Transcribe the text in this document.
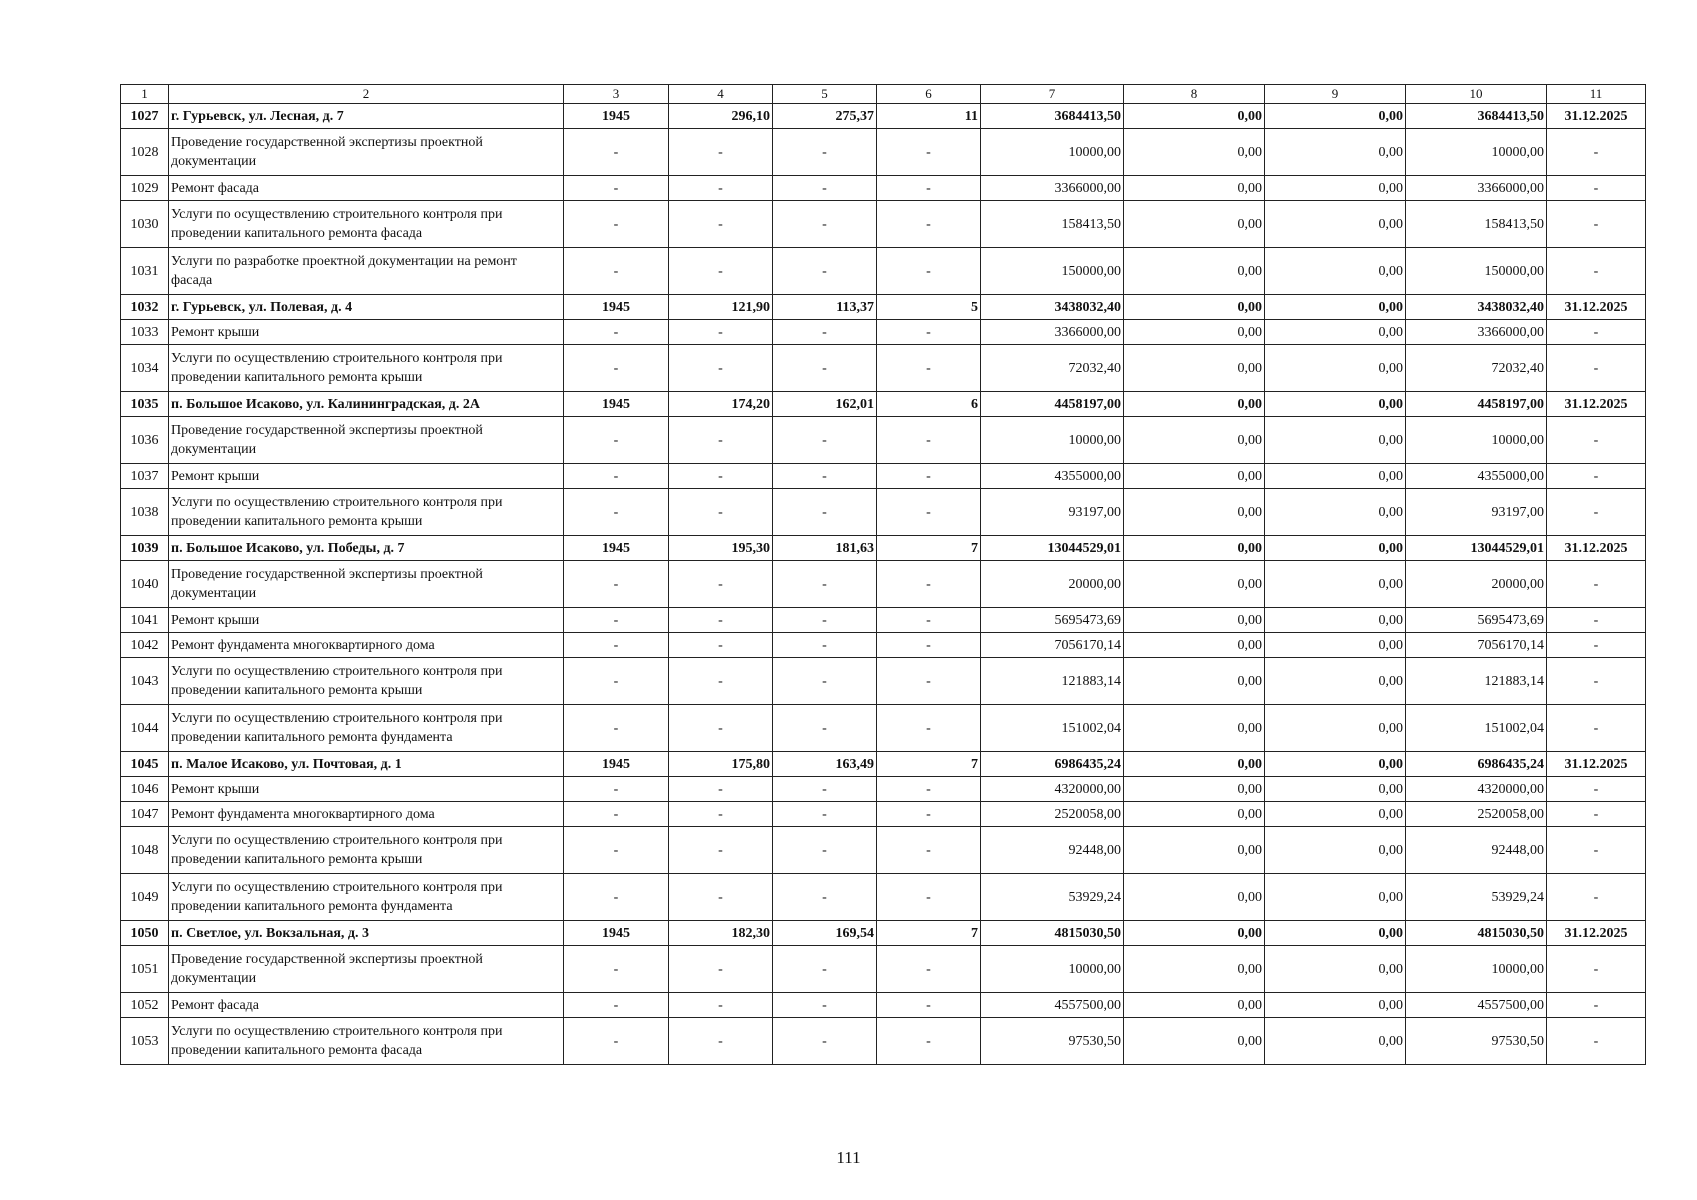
1	2	3	4	5	6	7	8	9	10	11
1027	г. Гурьевск, ул. Лесная, д. 7	1945	296,10	275,37	11	3684413,50	0,00	0,00	3684413,50	31.12.2025
1028	Проведение государственной экспертизы проектной документации	-	-	-	-	10000,00	0,00	0,00	10000,00	-
1029	Ремонт фасада	-	-	-	-	3366000,00	0,00	0,00	3366000,00	-
1030	Услуги по осуществлению строительного контроля при проведении капитального ремонта фасада	-	-	-	-	158413,50	0,00	0,00	158413,50	-
1031	Услуги по разработке проектной документации на ремонт фасада	-	-	-	-	150000,00	0,00	0,00	150000,00	-
1032	г. Гурьевск, ул. Полевая, д. 4	1945	121,90	113,37	5	3438032,40	0,00	0,00	3438032,40	31.12.2025
1033	Ремонт крыши	-	-	-	-	3366000,00	0,00	0,00	3366000,00	-
1034	Услуги по осуществлению строительного контроля при проведении капитального ремонта крыши	-	-	-	-	72032,40	0,00	0,00	72032,40	-
1035	п. Большое Исаково, ул. Калининградская, д. 2А	1945	174,20	162,01	6	4458197,00	0,00	0,00	4458197,00	31.12.2025
1036	Проведение государственной экспертизы проектной документации	-	-	-	-	10000,00	0,00	0,00	10000,00	-
1037	Ремонт крыши	-	-	-	-	4355000,00	0,00	0,00	4355000,00	-
1038	Услуги по осуществлению строительного контроля при проведении капитального ремонта крыши	-	-	-	-	93197,00	0,00	0,00	93197,00	-
1039	п. Большое Исаково, ул. Победы, д. 7	1945	195,30	181,63	7	13044529,01	0,00	0,00	13044529,01	31.12.2025
1040	Проведение государственной экспертизы проектной документации	-	-	-	-	20000,00	0,00	0,00	20000,00	-
1041	Ремонт крыши	-	-	-	-	5695473,69	0,00	0,00	5695473,69	-
1042	Ремонт фундамента многоквартирного дома	-	-	-	-	7056170,14	0,00	0,00	7056170,14	-
1043	Услуги по осуществлению строительного контроля при проведении капитального ремонта крыши	-	-	-	-	121883,14	0,00	0,00	121883,14	-
1044	Услуги по осуществлению строительного контроля при проведении капитального ремонта фундамента	-	-	-	-	151002,04	0,00	0,00	151002,04	-
1045	п. Малое Исаково, ул. Почтовая, д. 1	1945	175,80	163,49	7	6986435,24	0,00	0,00	6986435,24	31.12.2025
1046	Ремонт крыши	-	-	-	-	4320000,00	0,00	0,00	4320000,00	-
1047	Ремонт фундамента многоквартирного дома	-	-	-	-	2520058,00	0,00	0,00	2520058,00	-
1048	Услуги по осуществлению строительного контроля при проведении капитального ремонта крыши	-	-	-	-	92448,00	0,00	0,00	92448,00	-
1049	Услуги по осуществлению строительного контроля при проведении капитального ремонта фундамента	-	-	-	-	53929,24	0,00	0,00	53929,24	-
1050	п. Светлое, ул. Вокзальная, д. 3	1945	182,30	169,54	7	4815030,50	0,00	0,00	4815030,50	31.12.2025
1051	Проведение государственной экспертизы проектной документации	-	-	-	-	10000,00	0,00	0,00	10000,00	-
1052	Ремонт фасада	-	-	-	-	4557500,00	0,00	0,00	4557500,00	-
1053	Услуги по осуществлению строительного контроля при проведении капитального ремонта фасада	-	-	-	-	97530,50	0,00	0,00	97530,50	-
111
